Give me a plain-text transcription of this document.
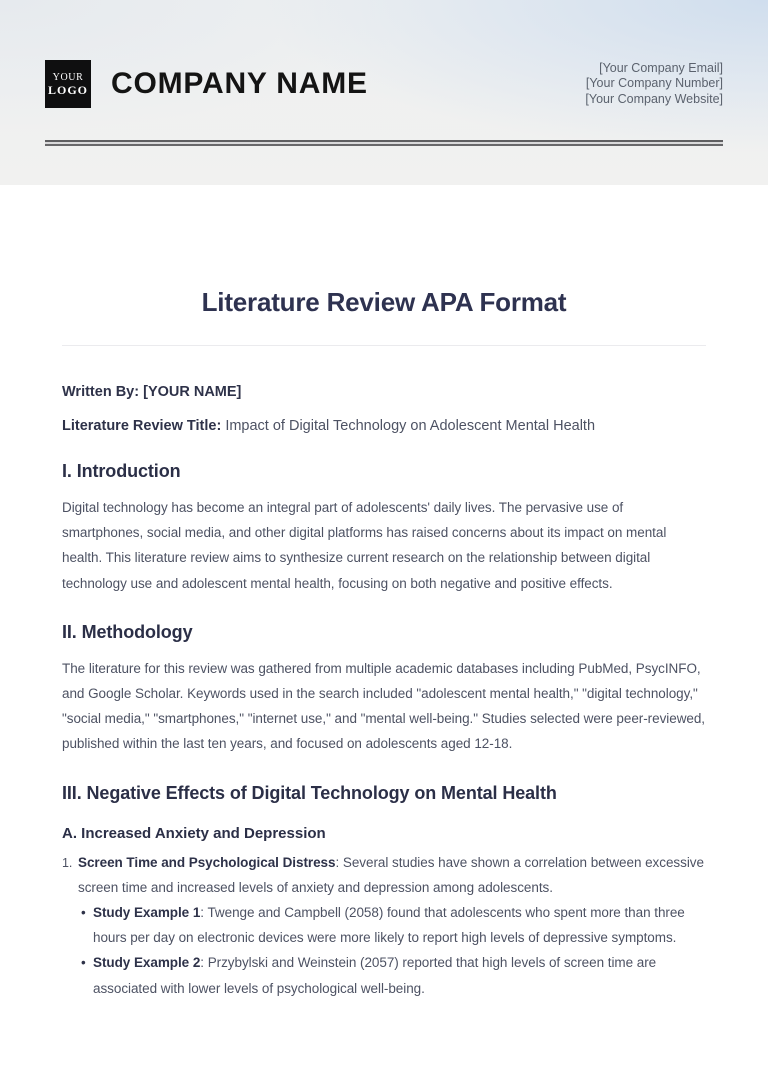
YOUR
LOGO COMPANY NAME	[Your Company Email]
[Your Company Number]
[Your Company Website]
Literature Review APA Format

Written By: [YOUR NAME]

Literature Review Title: Impact of Digital Technology on Adolescent Mental Health

I. Introduction

Digital technology has become an integral part of adolescents' daily lives. The pervasive use of smartphones, social media, and other digital platforms has raised concerns about its impact on mental health. This literature review aims to synthesize current research on the relationship between digital technology use and adolescent mental health, focusing on both negative and positive effects.

II. Methodology

The literature for this review was gathered from multiple academic databases including PubMed, PsycINFO, and Google Scholar. Keywords used in the search included "adolescent mental health," "digital technology," "social media," "smartphones," "internet use," and "mental well-being." Studies selected were peer-reviewed, published within the last ten years, and focused on adolescents aged 12-18.

III. Negative Effects of Digital Technology on Mental Health
A. Increased Anxiety and Depression
1. Screen Time and Psychological Distress: Several studies have shown a correlation between excessive screen time and increased levels of anxiety and depression among adolescents.
• Study Example 1: Twenge and Campbell (2058) found that adolescents who spent more than three hours per day on electronic devices were more likely to report high levels of depressive symptoms.
• Study Example 2: Przybylski and Weinstein (2057) reported that high levels of screen time are associated with lower levels of psychological well-being.
